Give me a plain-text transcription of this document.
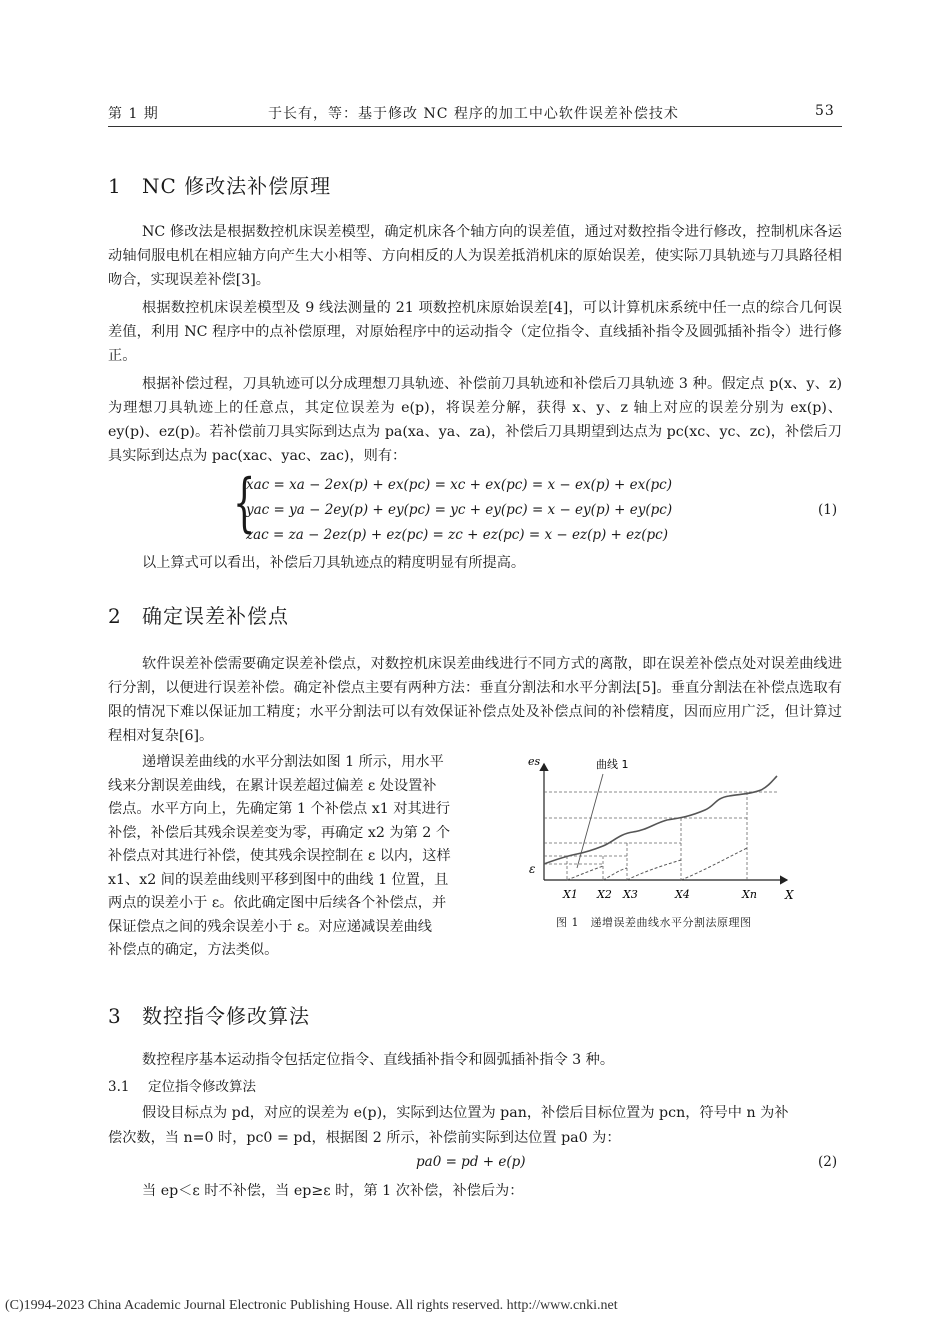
第 1 期	于长有，等：基于修改 NC 程序的加工中心软件误差补偿技术	53
1 NC 修改法补偿原理
NC 修改法是根据数控机床误差模型，确定机床各个轴方向的误差值，通过对数控指令进行修改，控制机床各运动轴伺服电机在相应轴方向产生大小相等、方向相反的人为误差抵消机床的原始误差，使实际刀具轨迹与刀具路径相吻合，实现误差补偿[3]。
根据数控机床误差模型及 9 线法测量的 21 项数控机床原始误差[4]，可以计算机床系统中任一点的综合几何误差值，利用 NC 程序中的点补偿原理，对原始程序中的运动指令（定位指令、直线插补指令及圆弧插补指令）进行修正。
根据补偿过程，刀具轨迹可以分成理想刀具轨迹、补偿前刀具轨迹和补偿后刀具轨迹 3 种。假定点 p(x、y、z)为理想刀具轨迹上的任意点，其定位误差为 e(p)，将误差分解，获得 x、y、z 轴上对应的误差分别为 ex(p)、ey(p)、ez(p)。若补偿前刀具实际到达点为 pa(xa、ya、za)，补偿后刀具期望到达点为 pc(xc、yc、zc)，补偿后刀具实际到达点为 pac(xac、yac、zac)，则有：
{
xac = xa − 2ex(p) + ex(pc) = xc + ex(pc) = x − ex(p) + ex(pc)
yac = ya − 2ey(p) + ey(pc) = yc + ey(pc) = x − ey(p) + ey(pc)
zac = za − 2ez(p) + ez(pc) = zc + ez(pc) = x − ez(p) + ez(pc)
(1)
以上算式可以看出，补偿后刀具轨迹点的精度明显有所提高。
2 确定误差补偿点
软件误差补偿需要确定误差补偿点，对数控机床误差曲线进行不同方式的离散，即在误差补偿点处对误差曲线进行分割，以便进行误差补偿。确定补偿点主要有两种方法：垂直分割法和水平分割法[5]。垂直分割法在补偿点选取有限的情况下难以保证加工精度；水平分割法可以有效保证补偿点处及补偿点间的补偿精度，因而应用广泛，但计算过程相对复杂[6]。
递增误差曲线的水平分割法如图 1 所示，用水平
线来分割误差曲线，在累计误差超过偏差 ε 处设置补
偿点。水平方向上，先确定第 1 个补偿点 x1 对其进行
补偿，补偿后其残余误差变为零，再确定 x2 为第 2 个
补偿点对其进行补偿，使其残余误控制在 ε 以内，这样
x1、x2 间的误差曲线则平移到图中的曲线 1 位置，且
两点的误差小于 ε。依此确定图中后续各个补偿点，并
保证偿点之间的残余误差小于 ε。对应递减误差曲线
补偿点的确定，方法类似。
es	曲线 1
ε
X
X1 X2 X3	X4	Xn
图 1　递增误差曲线水平分割法原理图
3 数控指令修改算法
数控程序基本运动指令包括定位指令、直线插补指令和圆弧插补指令 3 种。
3.1 定位指令修改算法
假设目标点为 pd，对应的误差为 e(p)，实际到达位置为 pan，补偿后目标位置为 pcn，符号中 n 为补
偿次数，当 n=0 时，pc0 = pd，根据图 2 所示，补偿前实际到达位置 pa0 为：
pa0 = pd + e(p)	(2)
当 ep＜ε 时不补偿，当 ep≥ε 时，第 1 次补偿，补偿后为：
(C)1994-2023 China Academic Journal Electronic Publishing House. All rights reserved. http://www.cnki.net
